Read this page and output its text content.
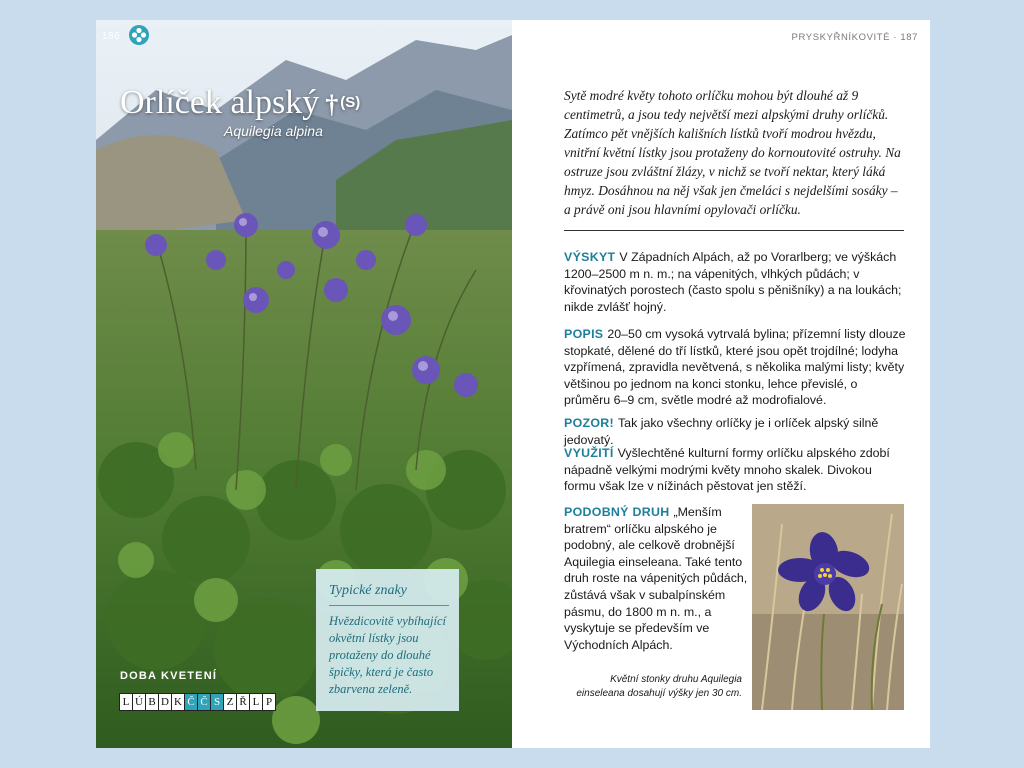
186
Orlíček alpský † (S)
Aquilegia alpina
DOBA KVETENÍ
L Ú B D K Č Č S Z Ř L P
Typické znaky
Hvězdicovitě vybíhající okvětní lístky jsou protaženy do dlouhé špičky, která je často zbarvena zeleně.
PRYSKYŘNÍKOVITÉ · 187

Sytě modré květy tohoto orlíčku mohou být dlouhé až 9 centimetrů, a jsou tedy největší mezi alpskými druhy orlíčků. Zatímco pět vnějších kališních lístků tvoří modrou hvězdu, vnitřní květní lístky jsou protaženy do kornoutovité ostruhy. Na ostruze jsou zvláštní žlázy, v nichž se tvoří nektar, který láká hmyz. Dosáhnou na něj však jen čmeláci s nejdelšími sosáky – a právě oni jsou hlavními opylovači orlíčku.

VÝSKYT V Západních Alpách, až po Vorarlberg; ve výškách 1200–2500 m n. m.; na vápenitých, vlhkých půdách; v křovinatých porostech (často spolu s pěnišníky) a na loukách; nikde zvlášť hojný.

POPIS 20–50 cm vysoká vytrvalá bylina; přízemní listy dlouze stopkaté, dělené do tří lístků, které jsou opět trojdílné; lodyha vzpřímená, zpravidla nevětvená, s několika malými listy; květy většinou po jednom na konci stonku, lehce převislé, o průměru 6–9 cm, světle modré až modrofialové.

POZOR! Tak jako všechny orlíčky je i orlíček alpský silně jedovatý.

VYUŽITÍ Vyšlechtěné kulturní formy orlíčku alpského zdobí nápadně velkými modrými květy mnoho skalek. Divokou formu však lze v nížinách pěstovat jen stěží.

PODOBNÝ DRUH „Menším bratrem“ orlíčku alpského je podobný, ale celkově drobnější Aquilegia einseleana. Také tento druh roste na vápenitých půdách, zůstává však v subalpínském pásmu, do 1800 m n. m., a vyskytuje se především ve Východních Alpách.

Květní stonky druhu Aquilegia einseleana dosahují výšky jen 30 cm.
